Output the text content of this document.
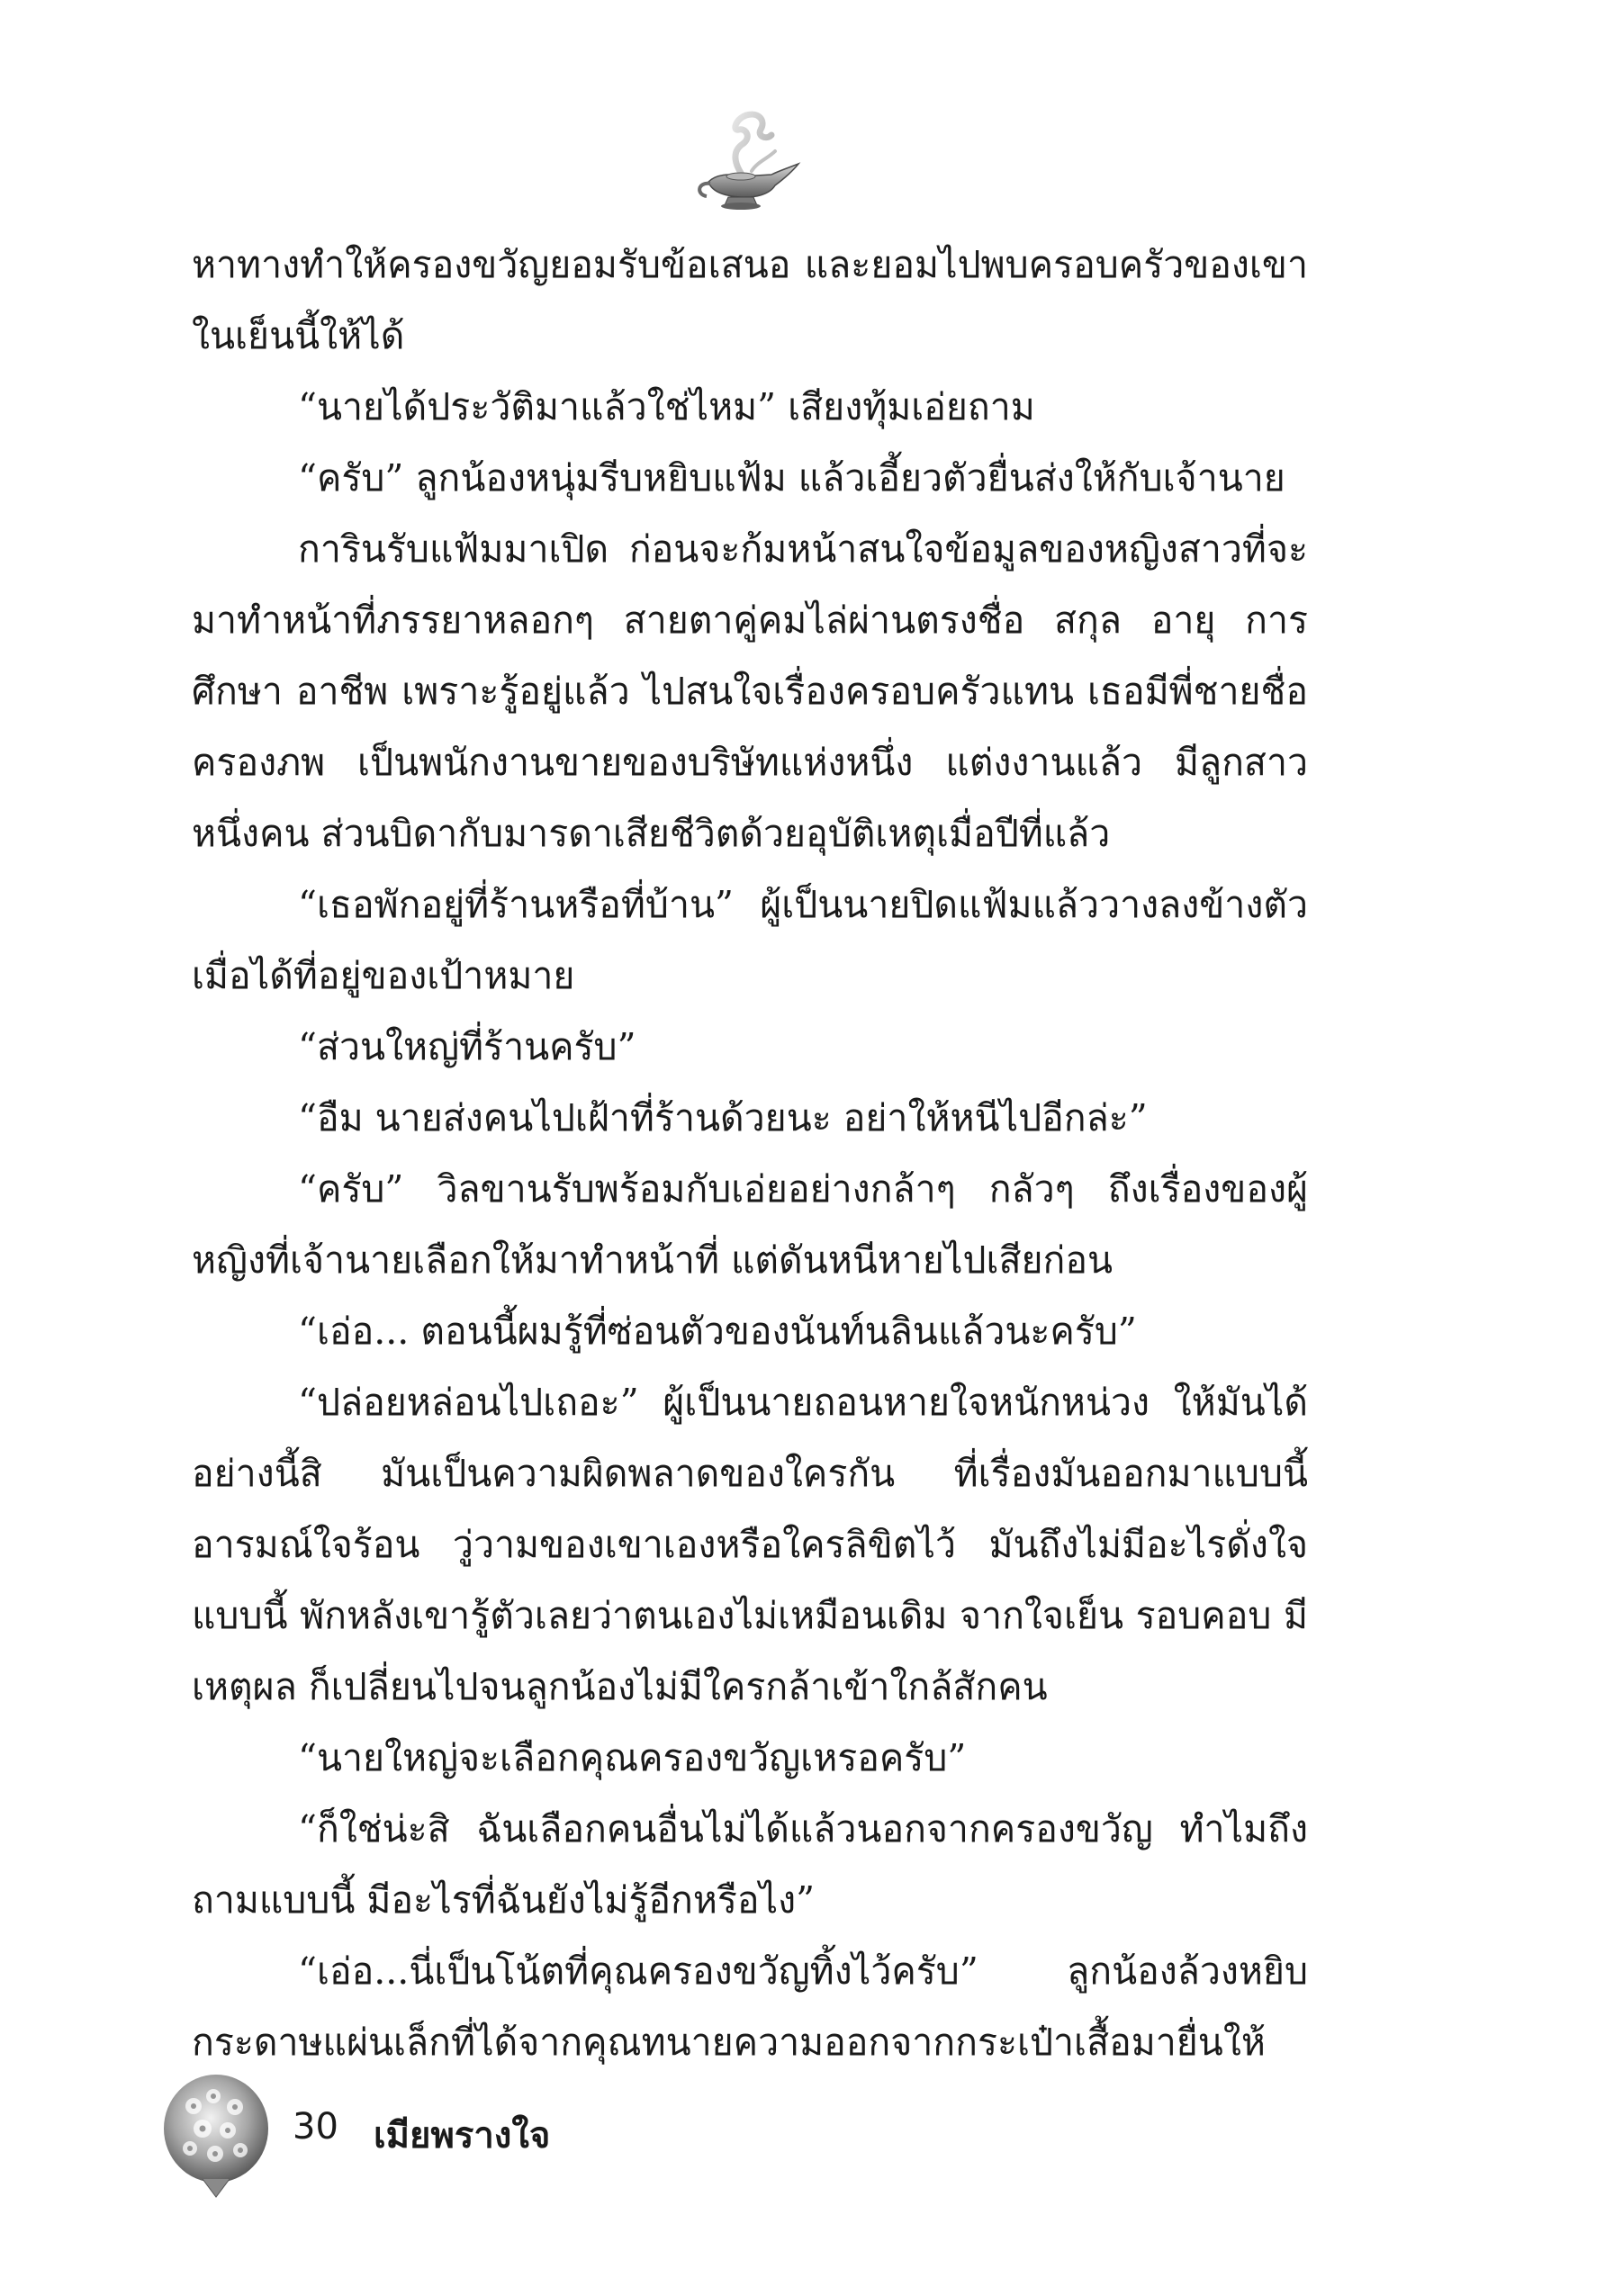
หาทางทำให้ครองขวัญยอมรับข้อเสนอ และยอมไปพบครอบครัวของเขาในเย็นนี้ให้ได้

“นายได้ประวัติมาแล้วใช่ไหม” เสียงทุ้มเอ่ยถาม

“ครับ” ลูกน้องหนุ่มรีบหยิบแฟ้ม แล้วเอี้ยวตัวยื่นส่งให้กับเจ้านาย

การินรับแฟ้มมาเปิด ก่อนจะก้มหน้าสนใจข้อมูลของหญิงสาวที่จะมาทำหน้าที่ภรรยาหลอกๆ สายตาคู่คมไล่ผ่านตรงชื่อ สกุล อายุ การศึกษา อาชีพ เพราะรู้อยู่แล้ว ไปสนใจเรื่องครอบครัวแทน เธอมีพี่ชายชื่อครองภพ เป็นพนักงานขายของบริษัทแห่งหนึ่ง แต่งงานแล้ว มีลูกสาวหนึ่งคน ส่วนบิดากับมารดาเสียชีวิตด้วยอุบัติเหตุเมื่อปีที่แล้ว

“เธอพักอยู่ที่ร้านหรือที่บ้าน” ผู้เป็นนายปิดแฟ้มแล้ววางลงข้างตัวเมื่อได้ที่อยู่ของเป้าหมาย

“ส่วนใหญ่ที่ร้านครับ”

“อืม นายส่งคนไปเฝ้าที่ร้านด้วยนะ อย่าให้หนีไปอีกล่ะ”

“ครับ” วิลขานรับพร้อมกับเอ่ยอย่างกล้าๆ กลัวๆ ถึงเรื่องของผู้หญิงที่เจ้านายเลือกให้มาทำหน้าที่ แต่ดันหนีหายไปเสียก่อน

“เอ่อ... ตอนนี้ผมรู้ที่ซ่อนตัวของนันท์นลินแล้วนะครับ”

“ปล่อยหล่อนไปเถอะ” ผู้เป็นนายถอนหายใจหนักหน่วง ให้มันได้อย่างนี้สิ มันเป็นความผิดพลาดของใครกัน ที่เรื่องมันออกมาแบบนี้ อารมณ์ใจร้อน วู่วามของเขาเองหรือใครลิขิตไว้ มันถึงไม่มีอะไรดั่งใจแบบนี้ พักหลังเขารู้ตัวเลยว่าตนเองไม่เหมือนเดิม จากใจเย็น รอบคอบ มีเหตุผล ก็เปลี่ยนไปจนลูกน้องไม่มีใครกล้าเข้าใกล้สักคน

“นายใหญ่จะเลือกคุณครองขวัญเหรอครับ”

“ก็ใช่น่ะสิ ฉันเลือกคนอื่นไม่ได้แล้วนอกจากครองขวัญ ทำไมถึงถามแบบนี้ มีอะไรที่ฉันยังไม่รู้อีกหรือไง”

“เอ่อ...นี่เป็นโน้ตที่คุณครองขวัญทิ้งไว้ครับ” ลูกน้องล้วงหยิบกระดาษแผ่นเล็กที่ได้จากคุณทนายความออกจากกระเป๋าเสื้อมายื่นให้

30 เมียพรางใจ
